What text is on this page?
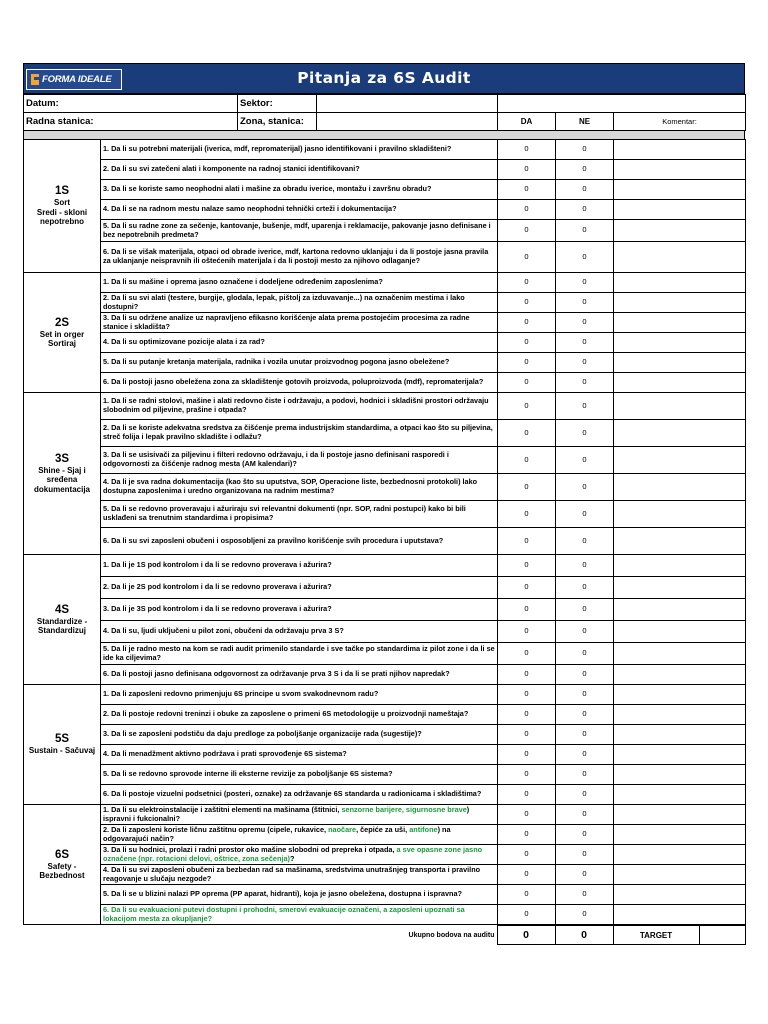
FORMA IDEALE	Pitanja za 6S Audit
Datum:	Sektor:				
Radna stanica:	Zona, stanica:		DA	NE	Komentar:
1S
Sort
Sredi - skloni nepotrebno	1. Da li su potrebni materijali (iverica, mdf, repromaterijal) jasno identifikovani i pravilno skladišteni?	0	0	
	2. Da li su svi zatečeni alati i komponente na radnoj stanici identifikovani?	0	0	
	3. Da li se koriste samo neophodni alati i mašine za obradu iverice, montažu i završnu obradu?	0	0	
	4. Da li se na radnom mestu nalaze samo neophodni tehnički crteži i dokumentacija?	0	0	
	5. Da li su radne zone za sečenje, kantovanje, bušenje, mdf, uparenja i reklamacije, pakovanje jasno definisane i bez nepotrebnih predmeta?	0	0	
	6. Da li se višak materijala, otpaci od obrade iverice, mdf, kartona redovno uklanjaju i da li postoje jasna pravila za uklanjanje neispravnih ili oštećenih materijala i da li postoji mesto za njihovo odlaganje?	0	0	

2S
Set in orger
Sortiraj	1. Da li su mašine i oprema jasno označene i dodeljene određenim zaposlenima?	0	0	
	2. Da li su svi alati (testere, burgije, glodala, lepak, pištolj za izduvavanje...) na označenim mestima i lako dostupni?	0	0	
	3. Da li su održene analize uz napravljeno efikasno korišćenje alata prema postojećim procesima za radne stanice i skladišta?	0	0	
	4. Da li su optimizovane pozicije alata i za rad?	0	0	
	5. Da li su putanje kretanja materijala, radnika i vozila unutar proizvodnog pogona jasno obeležene?	0	0	
	6. Da li postoji jasno obeležena zona za skladištenje gotovih proizvoda, poluproizvoda (mdf), repromaterijala?	0	0	

3S
Shine - Sjaj i sređena dokumentacija	1. Da li se radni stolovi, mašine i alati redovno čiste i održavaju, a podovi, hodnici i skladišni prostori održavaju slobodnim od piljevine, prašine i otpada?	0	0	
	2. Da li se koriste adekvatna sredstva za čišćenje prema industrijskim standardima, a otpaci kao što su piljevina, streč folija i lepak pravilno skladište i odlažu?	0	0	
	3. Da li se usisivači za piljevinu i filteri redovno održavaju, i da li postoje jasno definisani rasporedi i odgovornosti za čišćenje radnog mesta (AM kalendari)?	0	0	
	4. Da li je sva radna dokumentacija (kao što su uputstva, SOP, Operacione liste, bezbednosni protokoli) lako dostupna zaposlenima i uredno organizovana na radnim mestima?	0	0	
	5. Da li se redovno proveravaju i ažuriraju svi relevantni dokumenti (npr. SOP, radni postupci) kako bi bili usklađeni sa trenutnim standardima i propisima?	0	0	
	6. Da li su svi zaposleni obučeni i osposobljeni za pravilno korišćenje svih procedura i uputstava?	0	0	

4S
Standardize - Standardizuj	1. Da li je 1S pod kontrolom i da li se redovno proverava i ažurira?	0	0	
	2. Da li je 2S pod kontrolom i da li se redovno proverava i ažurira?	0	0	
	3. Da li je 3S pod kontrolom i da li se redovno proverava i ažurira?	0	0	
	4. Da li su, ljudi uključeni u pilot zoni, obučeni da održavaju prva 3 S?	0	0	
	5. Da li je radno mesto na kom se radi audit primenilo standarde i sve tačke po standardima iz pilot zone i da li se ide ka ciljevima?	0	0	
	6. Da li postoji jasno definisana odgovornost za održavanje prva 3 S i da li se prati njihov napredak?	0	0	

5S
Sustain - Sačuvaj	1. Da li zaposleni redovno primenjuju 6S principe u svom svakodnevnom radu?	0	0	
	2. Da li postoje redovni treninzi i obuke za zaposlene o primeni 6S metodologije u proizvodnji nameštaja?	0	0	
	3. Da li se zaposleni podstiču da daju predloge za poboljšanje organizacije rada (sugestije)?	0	0	
	4. Da li menadžment aktivno podržava i prati sprovođenje 6S sistema?	0	0	
	5. Da li se redovno sprovode interne ili eksterne revizije za poboljšanje 6S sistema?	0	0	
	6. Da li postoje vizuelni podsetnici (posteri, oznake) za održavanje 6S standarda u radionicama i skladištima?	0	0	

6S
Safety - Bezbednost	1. Da li su elektroinstalacije i zaštitni elementi na mašinama (štitnici, senzorne barijere, sigurnosne brave) ispravni i fukcionalni?	0	0	
	2. Da li zaposleni koriste ličnu zaštitnu opremu (cipele, rukavice, naočare, čepiće za uši, antifone) na odgovarajući način?	0	0	
	3. Da li su hodnici, prolazi i radni prostor oko mašine slobodni od prepreka i otpada, a sve opasne zone jasno označene (npr. rotacioni delovi, oštrice, zona sečenja)?	0	0	
	4. Da li su svi zaposleni obučeni za bezbedan rad sa mašinama, sredstvima unutrašnjeg transporta i pravilno reagovanje u slučaju nezgode?	0	0	
	5. Da li se u blizini nalazi PP oprema (PP aparat, hidranti), koja je jasno obeležena, dostupna i ispravna?	0	0	
	6. Da li su evakuacioni putevi dostupni i prohodni, smerovi evakuacije označeni, a zaposleni upoznati sa lokacijom mesta za okupljanje?	0	0	
Ukupno bodova na auditu	0	0	TARGET	
